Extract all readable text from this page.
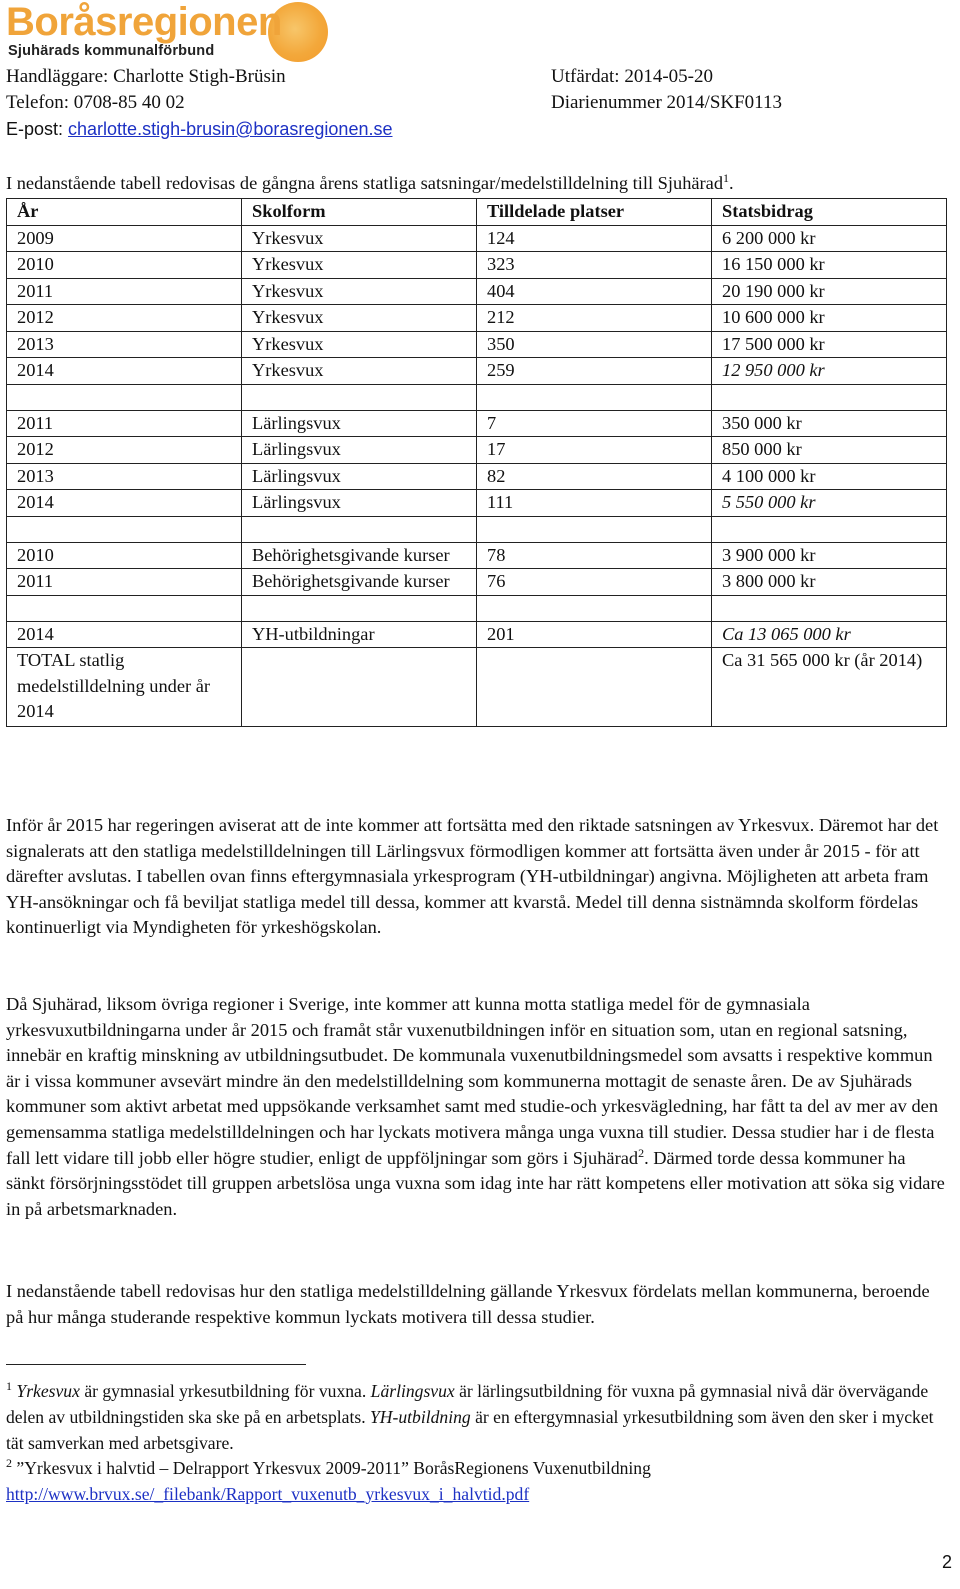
Boråsregionen
Sjuhärads kommunalförbund
Handläggare: Charlotte Stigh-Brüsin
Telefon: 0708-85 40 02
E-post: charlotte.stigh-brusin@borasregionen.se
Utfärdat: 2014-05-20
Diarienummer 2014/SKF0113

I nedanstående tabell redovisas de gångna årens statliga satsningar/medelstilldelning till Sjuhärad$^1$.

År	Skolform	Tilldelade platser	Statsbidrag
2009	Yrkesvux	124	6 200 000 kr
2010	Yrkesvux	323	16 150 000 kr
2011	Yrkesvux	404	20 190 000 kr
2012	Yrkesvux	212	10 600 000 kr
2013	Yrkesvux	350	17 500 000 kr
2014	Yrkesvux	259	12 950 000 kr

2011	Lärlingsvux	7	350 000 kr
2012	Lärlingsvux	17	850 000 kr
2013	Lärlingsvux	82	4 100 000 kr
2014	Lärlingsvux	111	5 550 000 kr

2010	Behörighetsgivande kurser	78	3 900 000 kr
2011	Behörighetsgivande kurser	76	3 800 000 kr

2014	YH-utbildningar	201	Ca 13 065 000 kr
TOTAL statlig medelstilldelning under år 2014			Ca 31 565 000 kr (år 2014)

Inför år 2015 har regeringen aviserat att de inte kommer att fortsätta med den riktade satsningen av Yrkesvux. Däremot har det signalerats att den statliga medelstilldelningen till Lärlingsvux förmodligen kommer att fortsätta även under år 2015 - för att därefter avslutas. I tabellen ovan finns eftergymnasiala yrkesprogram (YH-utbildningar) angivna. Möjligheten att arbeta fram YH-ansökningar och få beviljat statliga medel till dessa, kommer att kvarstå. Medel till denna sistnämnda skolform fördelas kontinuerligt via Myndigheten för yrkeshögskolan.

Då Sjuhärad, liksom övriga regioner i Sverige, inte kommer att kunna motta statliga medel för de gymnasiala yrkesvuxutbildningarna under år 2015 och framåt står vuxenutbildningen inför en situation som, utan en regional satsning, innebär en kraftig minskning av utbildningsutbudet. De kommunala vuxenutbildningsmedel som avsatts i respektive kommun är i vissa kommuner avsevärt mindre än den medelstilldelning som kommunerna mottagit de senaste åren. De av Sjuhärads kommuner som aktivt arbetat med uppsökande verksamhet samt med studie-och yrkesvägledning, har fått ta del av mer av den gemensamma statliga medelstilldelningen och har lyckats motivera många unga vuxna till studier. Dessa studier har i de flesta fall lett vidare till jobb eller högre studier, enligt de uppföljningar som görs i Sjuhärad$^2$. Därmed torde dessa kommuner ha sänkt försörjningsstödet till gruppen arbetslösa unga vuxna som idag inte har rätt kompetens eller motivation att söka sig vidare in på arbetsmarknaden.

I nedanstående tabell redovisas hur den statliga medelstilldelning gällande Yrkesvux fördelats mellan kommunerna, beroende på hur många studerande respektive kommun lyckats motivera till dessa studier.

$^1$ Yrkesvux är gymnasial yrkesutbildning för vuxna. Lärlingsvux är lärlingsutbildning för vuxna på gymnasial nivå där övervägande delen av utbildningstiden ska ske på en arbetsplats. YH-utbildning är en eftergymnasial yrkesutbildning som även den sker i mycket tät samverkan med arbetsgivare.

$^2$ ”Yrkesvux i halvtid – Delrapport Yrkesvux 2009-2011” BoråsRegionens Vuxenutbildning

http://www.brvux.se/_filebank/Rapport_vuxenutb_yrkesvux_i_halvtid.pdf

2
